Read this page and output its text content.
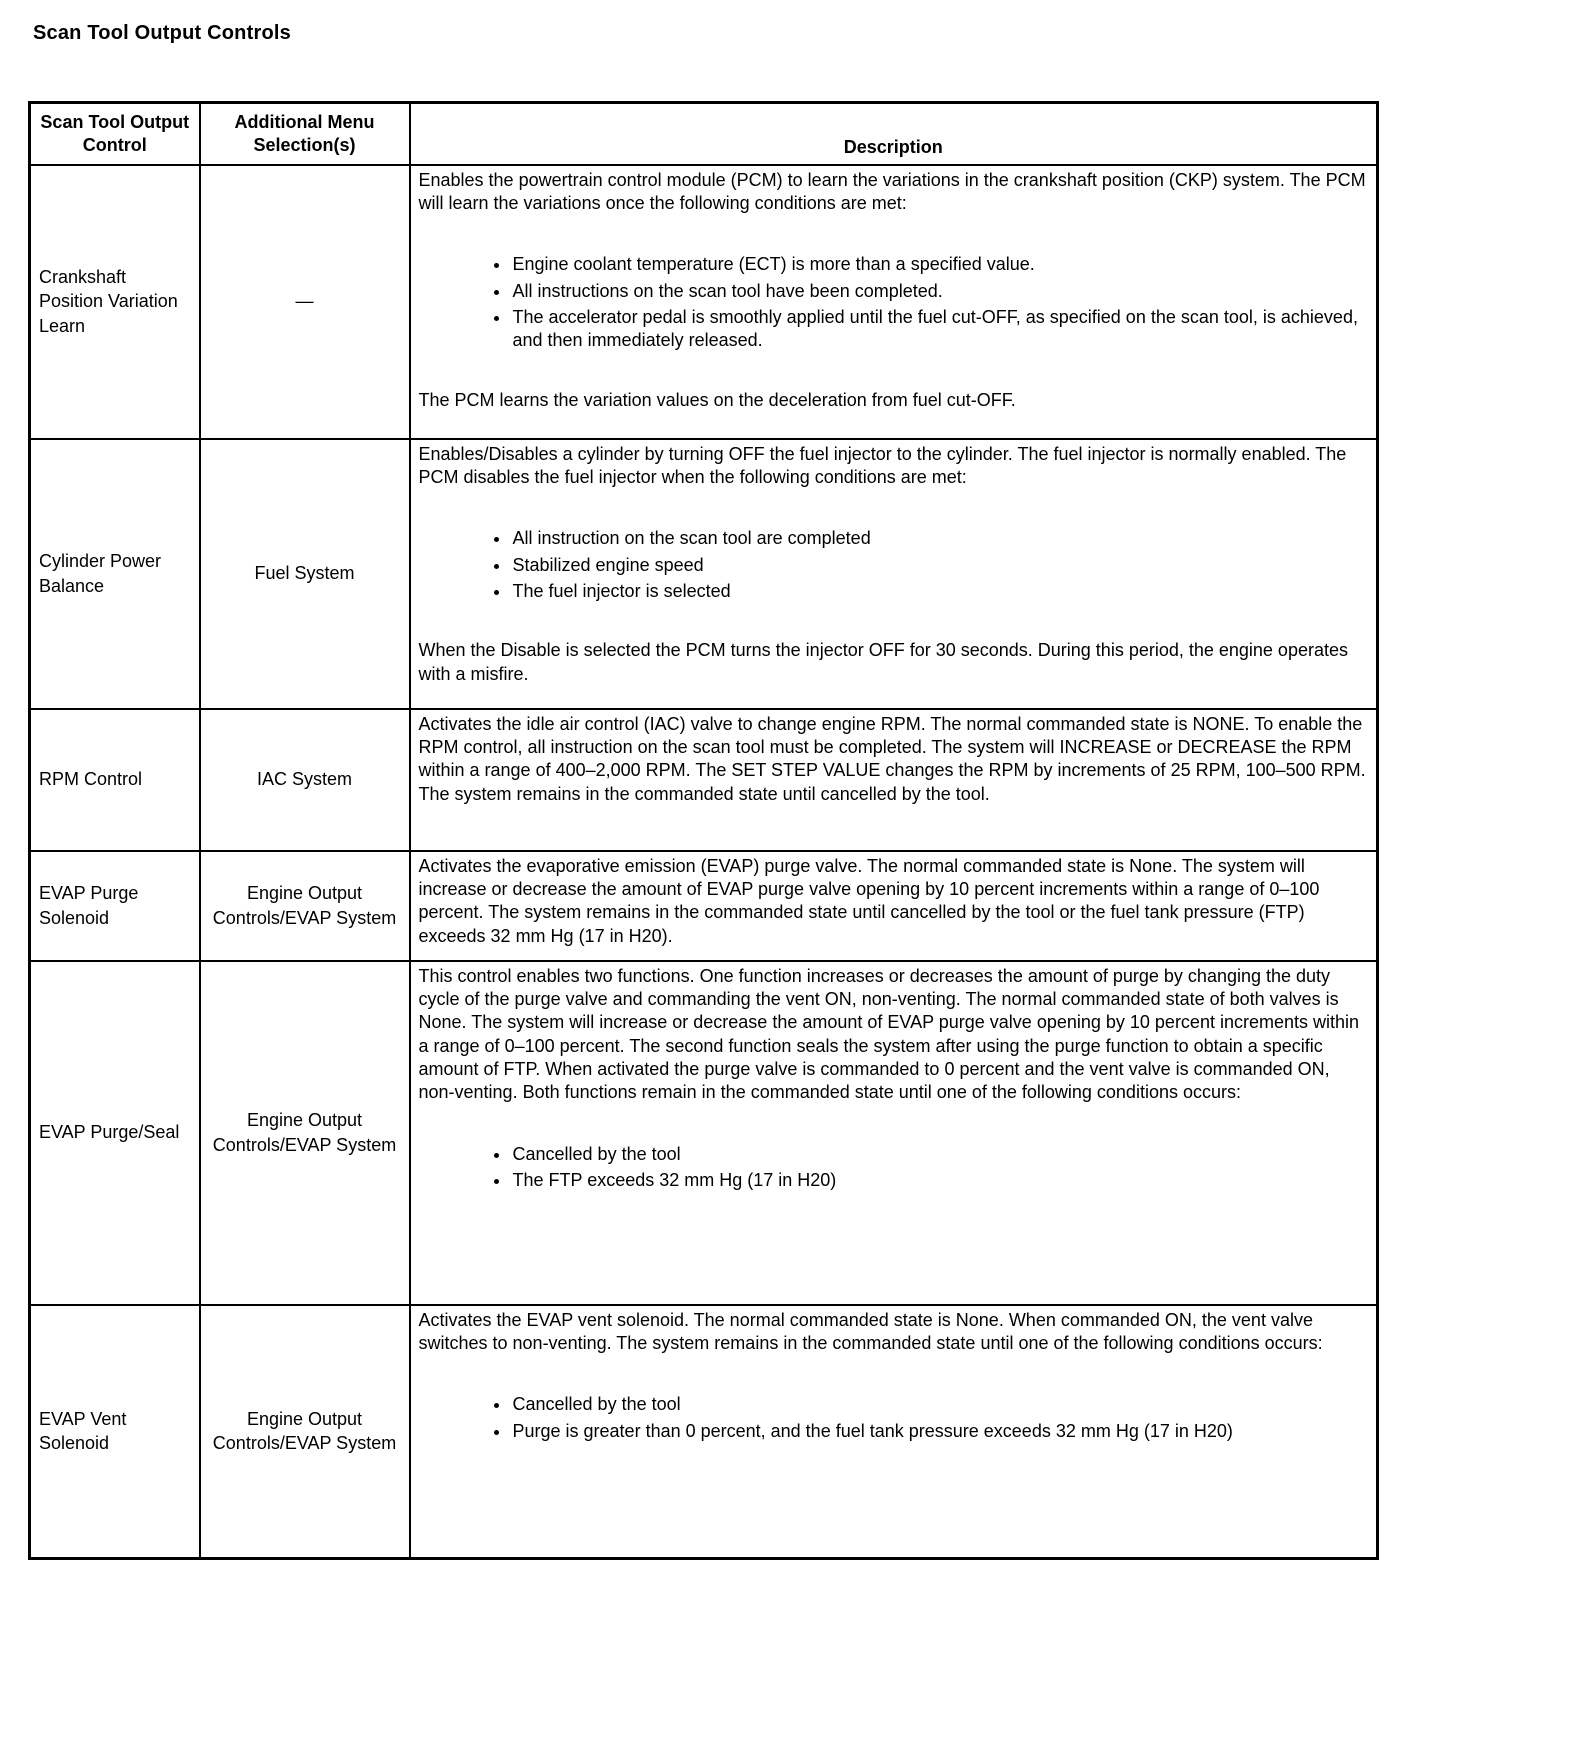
Scan Tool Output Controls
Scan Tool Output Control	Additional Menu Selection(s)	Description
Crankshaft Position Variation Learn	—	

Enables the powertrain control module (PCM) to learn the variations in the crankshaft position (CKP) system. The PCM will learn the variations once the following conditions are met:

• Engine coolant temperature (ECT) is more than a specified value.
• All instructions on the scan tool have been completed.
• The accelerator pedal is smoothly applied until the fuel cut-OFF, as specified on the scan tool, is achieved, and then immediately released.

The PCM learns the variation values on the deceleration from fuel cut-OFF.

Cylinder Power Balance	Fuel System	

Enables/Disables a cylinder by turning OFF the fuel injector to the cylinder. The fuel injector is normally enabled. The PCM disables the fuel injector when the following conditions are met:

• All instruction on the scan tool are completed
• Stabilized engine speed
• The fuel injector is selected

When the Disable is selected the PCM turns the injector OFF for 30 seconds. During this period, the engine operates with a misfire.

RPM Control	IAC System	Activates the idle air control (IAC) valve to change engine RPM. The normal commanded state is NONE. To enable the RPM control, all instruction on the scan tool must be completed. The system will INCREASE or DECREASE the RPM within a range of 400–2,000 RPM. The SET STEP VALUE changes the RPM by increments of 25 RPM, 100–500 RPM. The system remains in the commanded state until cancelled by the tool.

EVAP Purge Solenoid	Engine Output Controls/EVAP System	Activates the evaporative emission (EVAP) purge valve. The normal commanded state is None. The system will increase or decrease the amount of EVAP purge valve opening by 10 percent increments within a range of 0–100 percent. The system remains in the commanded state until cancelled by the tool or the fuel tank pressure (FTP) exceeds 32 mm Hg (17 in H20).

EVAP Purge/Seal	Engine Output Controls/EVAP System	

This control enables two functions. One function increases or decreases the amount of purge by changing the duty cycle of the purge valve and commanding the vent ON, non-venting. The normal commanded state of both valves is None. The system will increase or decrease the amount of EVAP purge valve opening by 10 percent increments within a range of 0–100 percent. The second function seals the system after using the purge function to obtain a specific amount of FTP. When activated the purge valve is commanded to 0 percent and the vent valve is commanded ON, non-venting. Both functions remain in the commanded state until one of the following conditions occurs:

• Cancelled by the tool
• The FTP exceeds 32 mm Hg (17 in H20)

EVAP Vent Solenoid	Engine Output Controls/EVAP System	

Activates the EVAP vent solenoid. The normal commanded state is None. When commanded ON, the vent valve switches to non-venting. The system remains in the commanded state until one of the following conditions occurs:

• Cancelled by the tool
• Purge is greater than 0 percent, and the fuel tank pressure exceeds 32 mm Hg (17 in H20)
